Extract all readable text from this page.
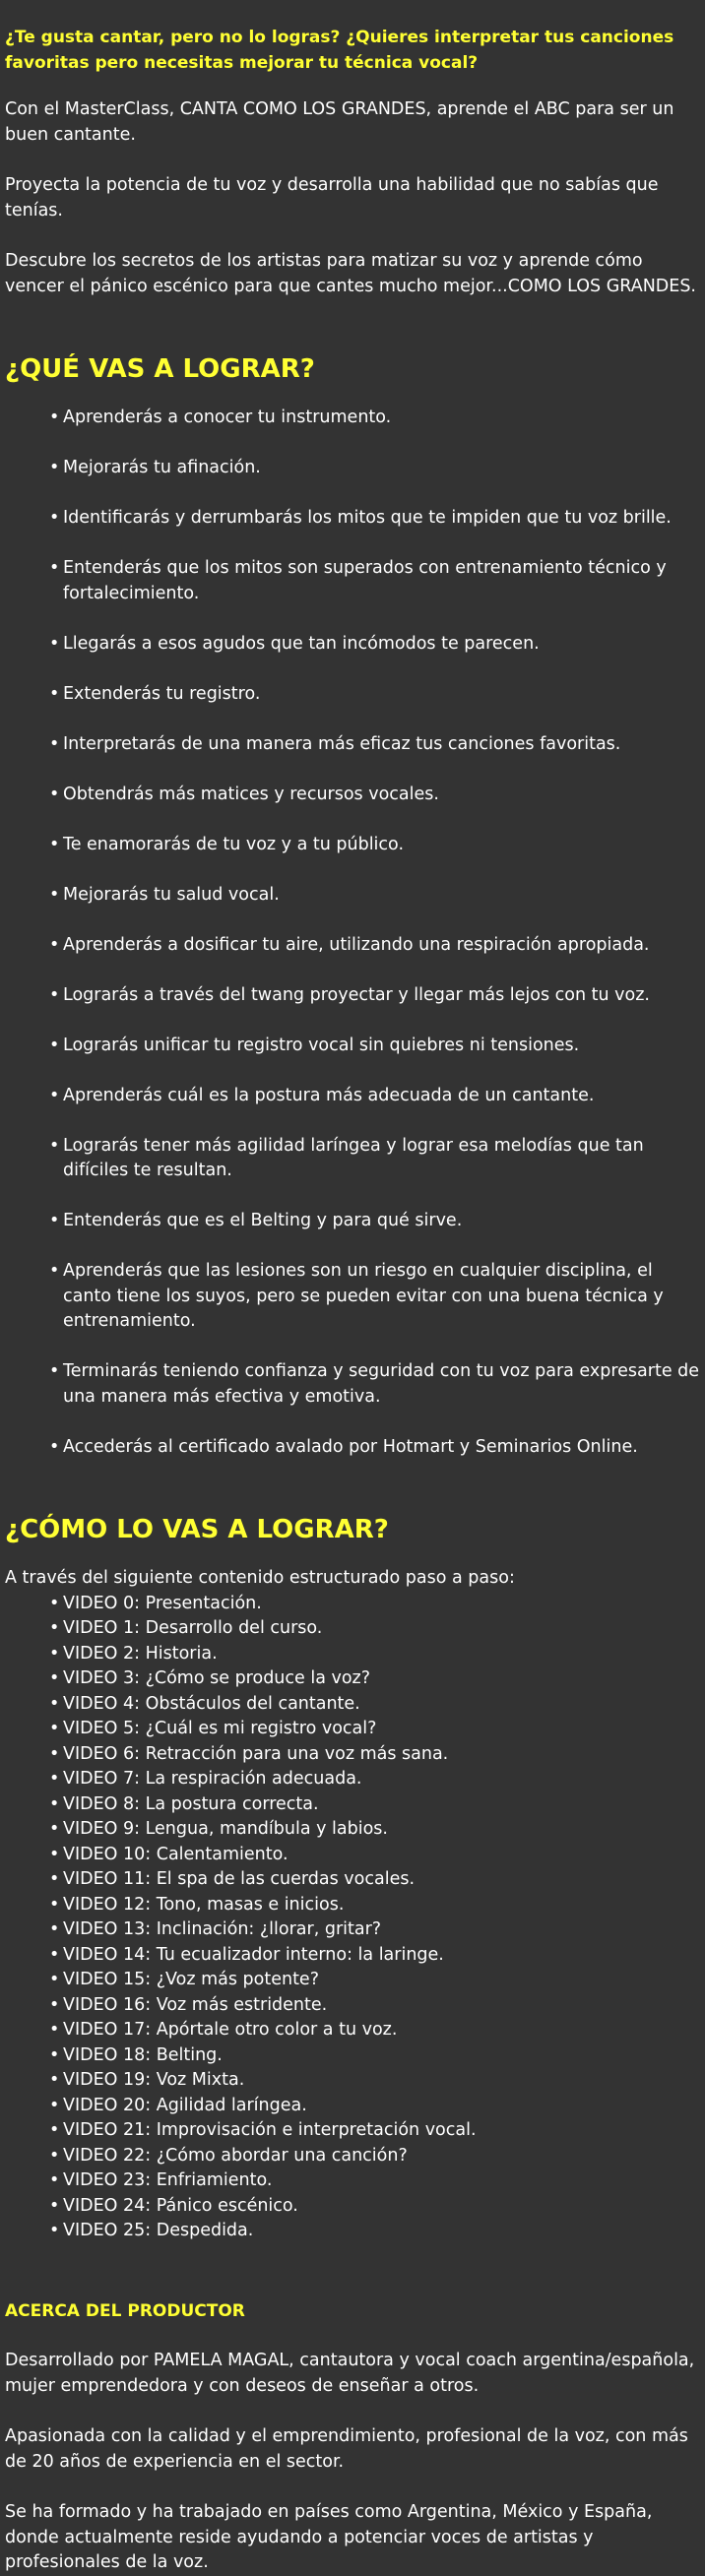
¿Te gusta cantar, pero no lo logras? ¿Quieres interpretar tus canciones favoritas pero necesitas mejorar tu técnica vocal?

Con el MasterClass, CANTA COMO LOS GRANDES, aprende el ABC para ser un buen cantante.

Proyecta la potencia de tu voz y desarrolla una habilidad que no sabías que tenías.

Descubre los secretos de los artistas para matizar su voz y aprende cómo vencer el pánico escénico para que cantes mucho mejor...COMO LOS GRANDES.

¿QUÉ VAS A LOGRAR?
• Aprenderás a conocer tu instrumento.
• Mejorarás tu afinación.
• Identificarás y derrumbarás los mitos que te impiden que tu voz brille.
• Entenderás que los mitos son superados con entrenamiento técnico y fortalecimiento.
• Llegarás a esos agudos que tan incómodos te parecen.
• Extenderás tu registro.
• Interpretarás de una manera más eficaz tus canciones favoritas.
• Obtendrás más matices y recursos vocales.
• Te enamorarás de tu voz y a tu público.
• Mejorarás tu salud vocal.
• Aprenderás a dosificar tu aire, utilizando una respiración apropiada.
• Lograrás a través del twang proyectar y llegar más lejos con tu voz.
• Lograrás unificar tu registro vocal sin quiebres ni tensiones.
• Aprenderás cuál es la postura más adecuada de un cantante.
• Lograrás tener más agilidad laríngea y lograr esa melodías que tan difíciles te resultan.
• Entenderás que es el Belting y para qué sirve.
• Aprenderás que las lesiones son un riesgo en cualquier disciplina, el canto tiene los suyos, pero se pueden evitar con una buena técnica y entrenamiento.
• Terminarás teniendo confianza y seguridad con tu voz para expresarte de una manera más efectiva y emotiva.
• Accederás al certificado avalado por Hotmart y Seminarios Online.
¿CÓMO LO VAS A LOGRAR?

A través del siguiente contenido estructurado paso a paso:

• VIDEO 0: Presentación.
• VIDEO 1: Desarrollo del curso.
• VIDEO 2: Historia.
• VIDEO 3: ¿Cómo se produce la voz?
• VIDEO 4: Obstáculos del cantante.
• VIDEO 5: ¿Cuál es mi registro vocal?
• VIDEO 6: Retracción para una voz más sana.
• VIDEO 7: La respiración adecuada.
• VIDEO 8: La postura correcta.
• VIDEO 9: Lengua, mandíbula y labios.
• VIDEO 10: Calentamiento.
• VIDEO 11: El spa de las cuerdas vocales.
• VIDEO 12: Tono, masas e inicios.
• VIDEO 13: Inclinación: ¿llorar, gritar?
• VIDEO 14: Tu ecualizador interno: la laringe.
• VIDEO 15: ¿Voz más potente?
• VIDEO 16: Voz más estridente.
• VIDEO 17: Apórtale otro color a tu voz.
• VIDEO 18: Belting.
• VIDEO 19: Voz Mixta.
• VIDEO 20: Agilidad laríngea.
• VIDEO 21: Improvisación e interpretación vocal.
• VIDEO 22: ¿Cómo abordar una canción?
• VIDEO 23: Enfriamiento.
• VIDEO 24: Pánico escénico.
• VIDEO 25: Despedida.
ACERCA DEL PRODUCTOR

Desarrollado por PAMELA MAGAL, cantautora y vocal coach argentina/española, mujer emprendedora y con deseos de enseñar a otros.

Apasionada con la calidad y el emprendimiento, profesional de la voz, con más de 20 años de experiencia en el sector.

Se ha formado y ha trabajado en países como Argentina, México y España, donde actualmente reside ayudando a potenciar voces de artistas y profesionales de la voz.
